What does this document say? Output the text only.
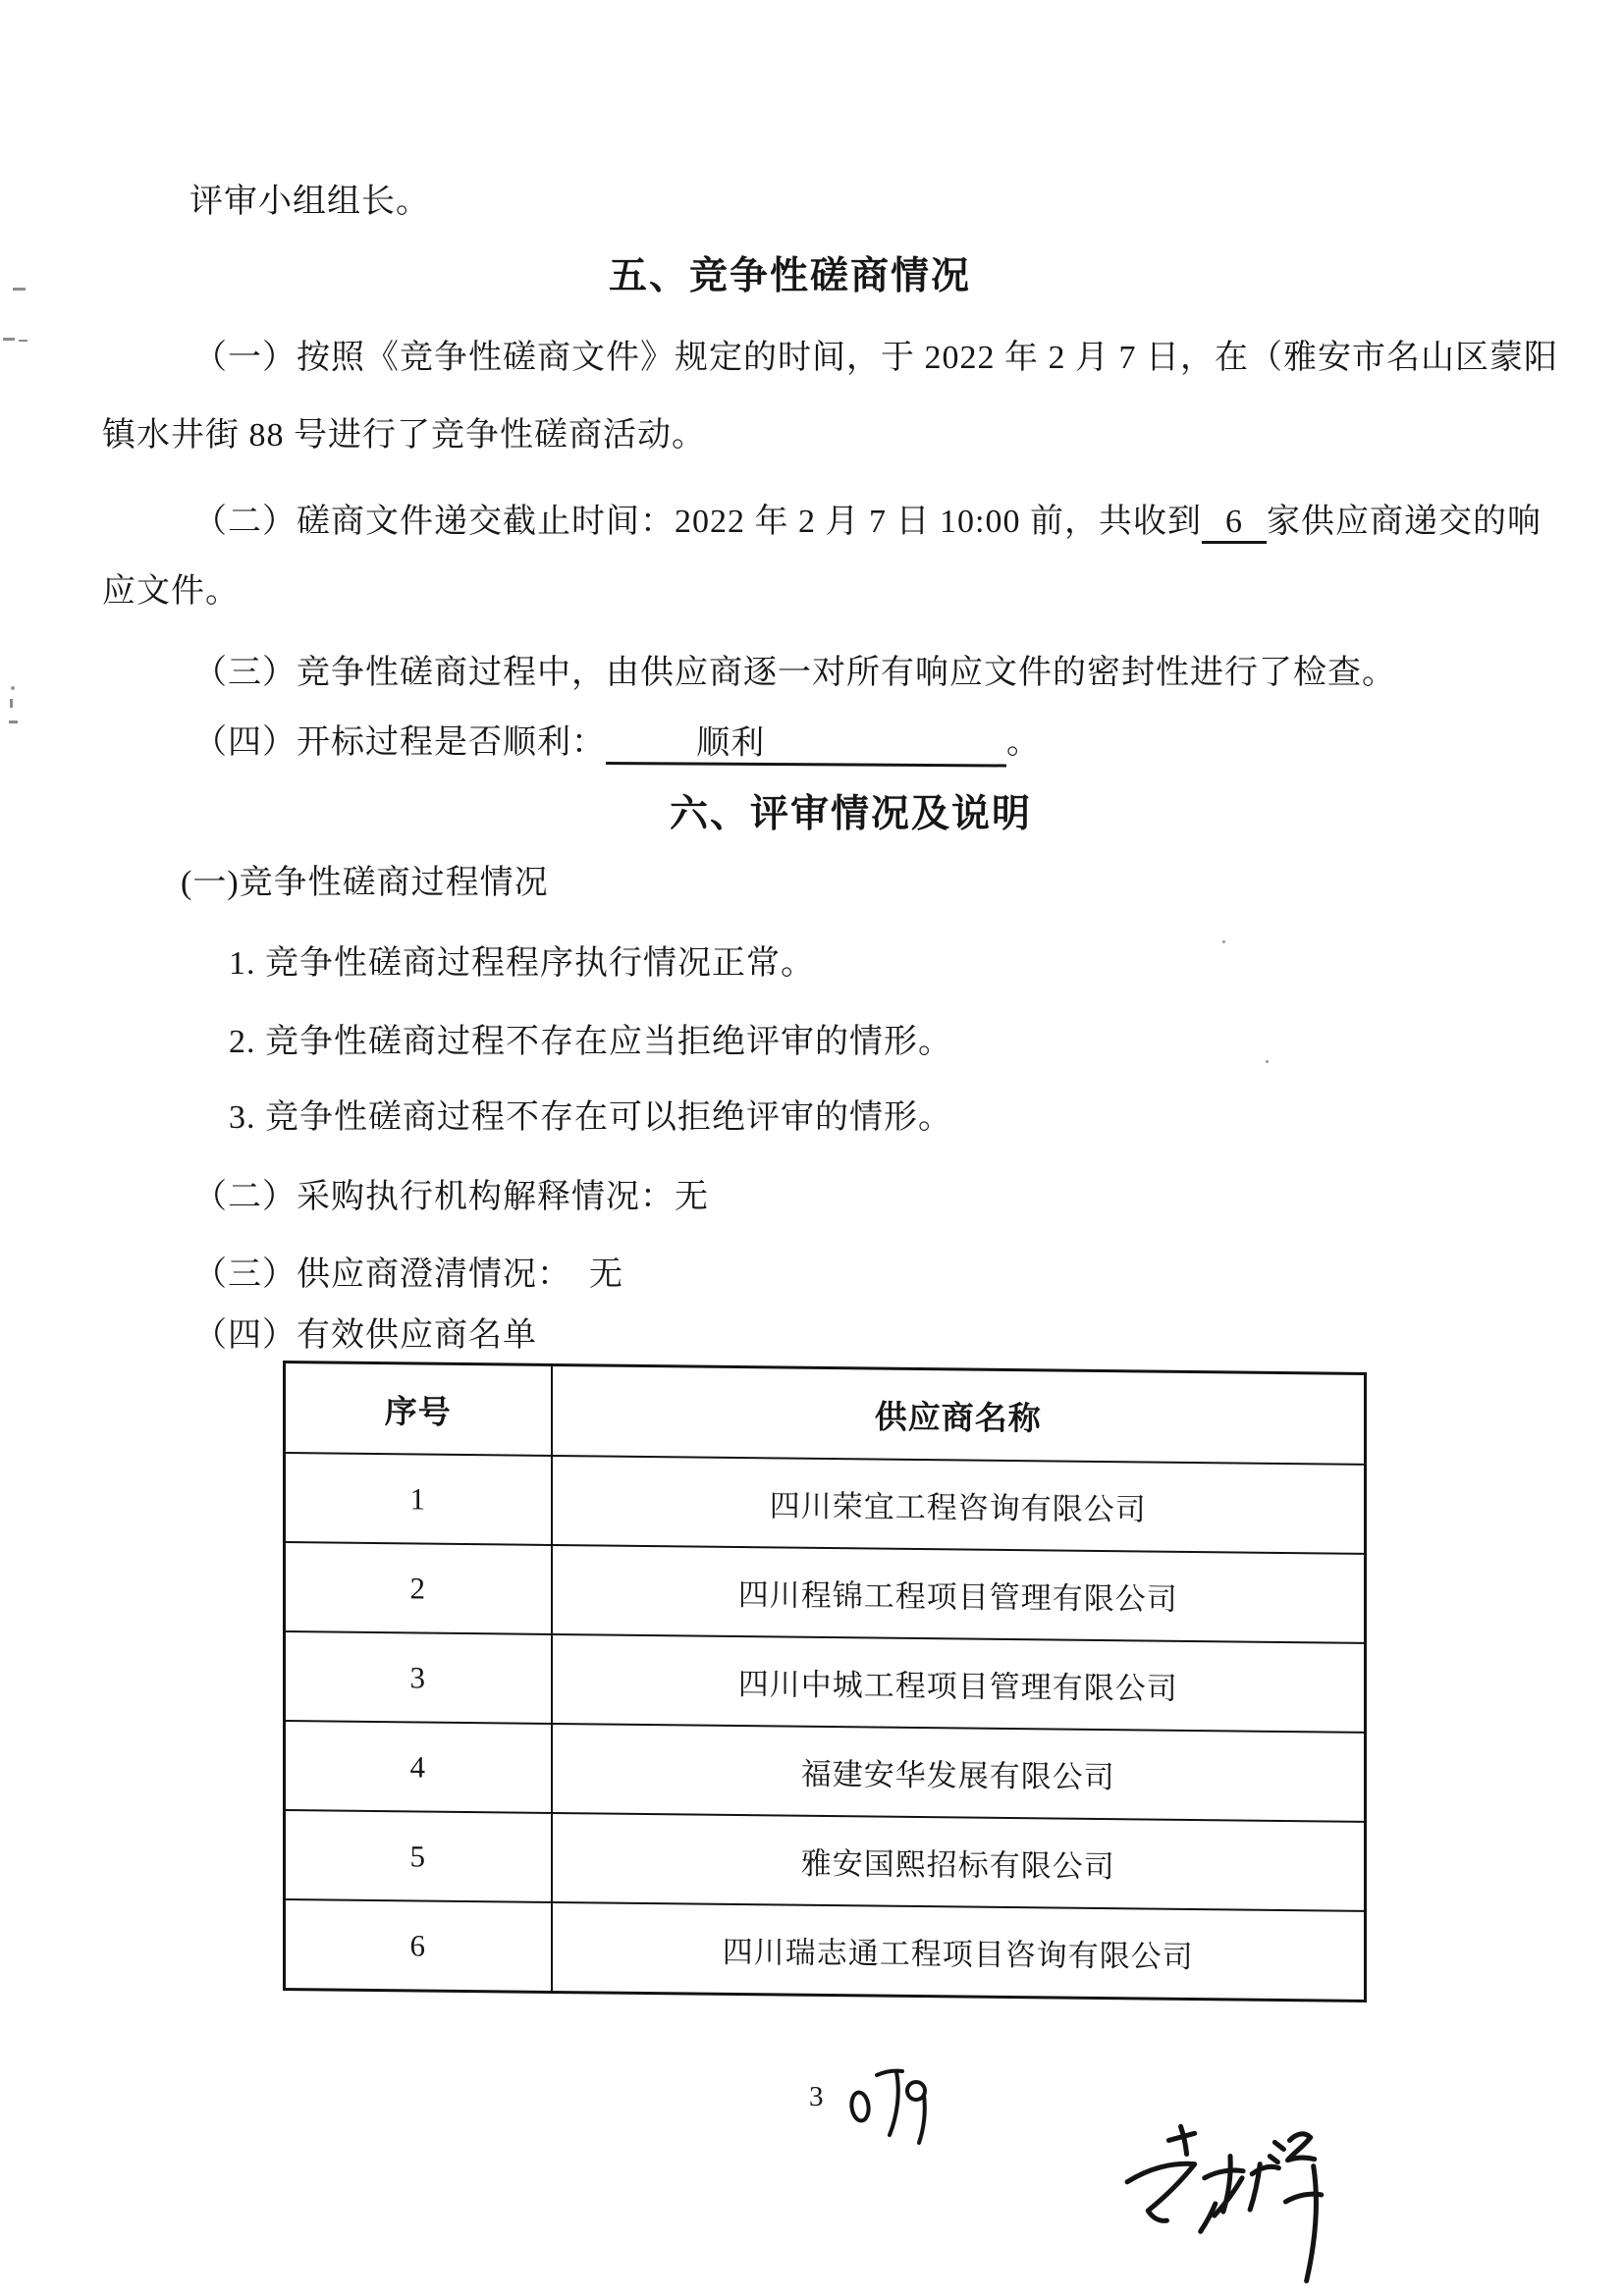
评审小组组长。
五、竞争性磋商情况
（一）按照《竞争性磋商文件》规定的时间，于 2022 年 2 月 7 日，在（雅安市名山区蒙阳
镇水井街 88 号进行了竞争性磋商活动。
（二）磋商文件递交截止时间：2022 年 2 月 7 日 10:00 前，共收到 6 家供应商递交的响
应文件。
（三）竞争性磋商过程中，由供应商逐一对所有响应文件的密封性进行了检查。
（四）开标过程是否顺利：	顺利	。
六、评审情况及说明
(一)竞争性磋商过程情况
1. 竞争性磋商过程程序执行情况正常。
2. 竞争性磋商过程不存在应当拒绝评审的情形。
3. 竞争性磋商过程不存在可以拒绝评审的情形。
（二）采购执行机构解释情况：无
（三）供应商澄清情况：　无
（四）有效供应商名单
序号	供应商名称
1	四川荣宜工程咨询有限公司
2	四川程锦工程项目管理有限公司
3	四川中城工程项目管理有限公司
4	福建安华发展有限公司
5	雅安国熙招标有限公司
6	四川瑞志通工程项目咨询有限公司
3
